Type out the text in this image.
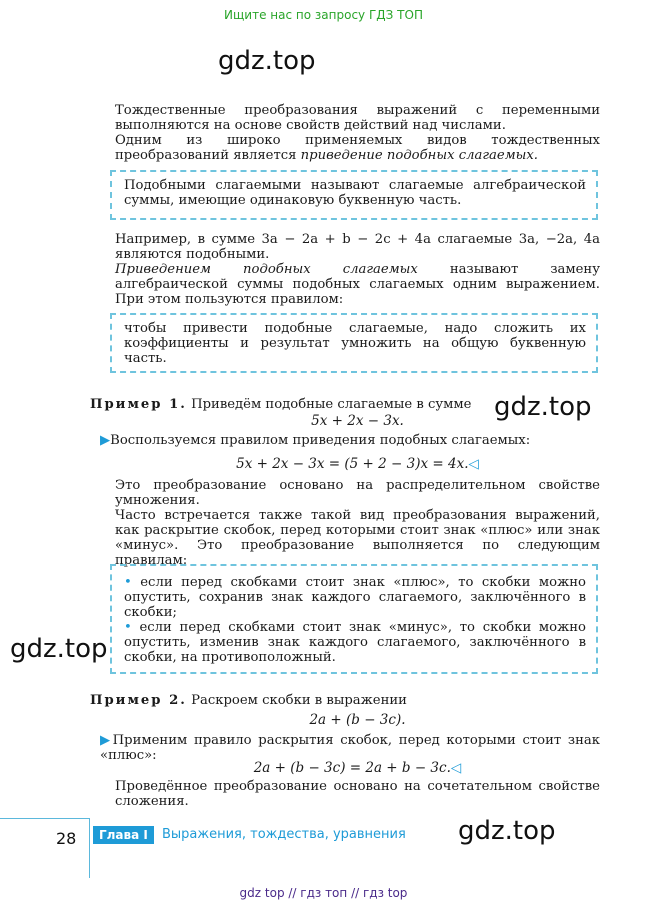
Ищите нас по запросу ГДЗ ТОП
gdz.top
Тождественные преобразования выражений с переменными выполняются на основе свойств действий над числами.
Одним из широко применяемых видов тождественных преобразований является приведение подобных слагаемых.
Подобными слагаемыми называют слагаемые алгебраической суммы, имеющие одинаковую буквенную часть.
Например, в сумме 3a − 2a + b − 2c + 4a слагаемые 3a, −2a, 4a являются подобными.
Приведением подобных слагаемых называют замену алгебраической суммы подобных слагаемых одним выражением. При этом пользуются правилом:
чтобы привести подобные слагаемые, надо сложить их коэффициенты и результат умножить на общую буквенную часть.
Пример 1. Приведём подобные слагаемые в сумме gdz.top
5x + 2x − 3x.
▶Воспользуемся правилом приведения подобных слагаемых:
5x + 2x − 3x = (5 + 2 − 3)x = 4x.◁
Это преобразование основано на распределительном свойстве умножения.
Часто встречается также такой вид преобразования выражений, как раскрытие скобок, перед которыми стоит знак «плюс» или знак «минус». Это преобразование выполняется по следующим правилам:
• если перед скобками стоит знак «плюс», то скобки можно опустить, сохранив знак каждого слагаемого, заключённого в скобки;
• если перед скобками стоит знак «минус», то скобки можно опустить, изменив знак каждого слагаемого, заключённого в скобки, на противоположный.
gdz.top
Пример 2. Раскроем скобки в выражении
2a + (b − 3c).
▶Применим правило раскрытия скобок, перед которыми стоит знак «плюс»:
2a + (b − 3c) = 2a + b − 3c.◁
Проведённое преобразование основано на сочетательном свойстве сложения.
28	Глава I	Выражения, тождества, уравнения gdz.top
gdz top // гдз топ // гдз top
